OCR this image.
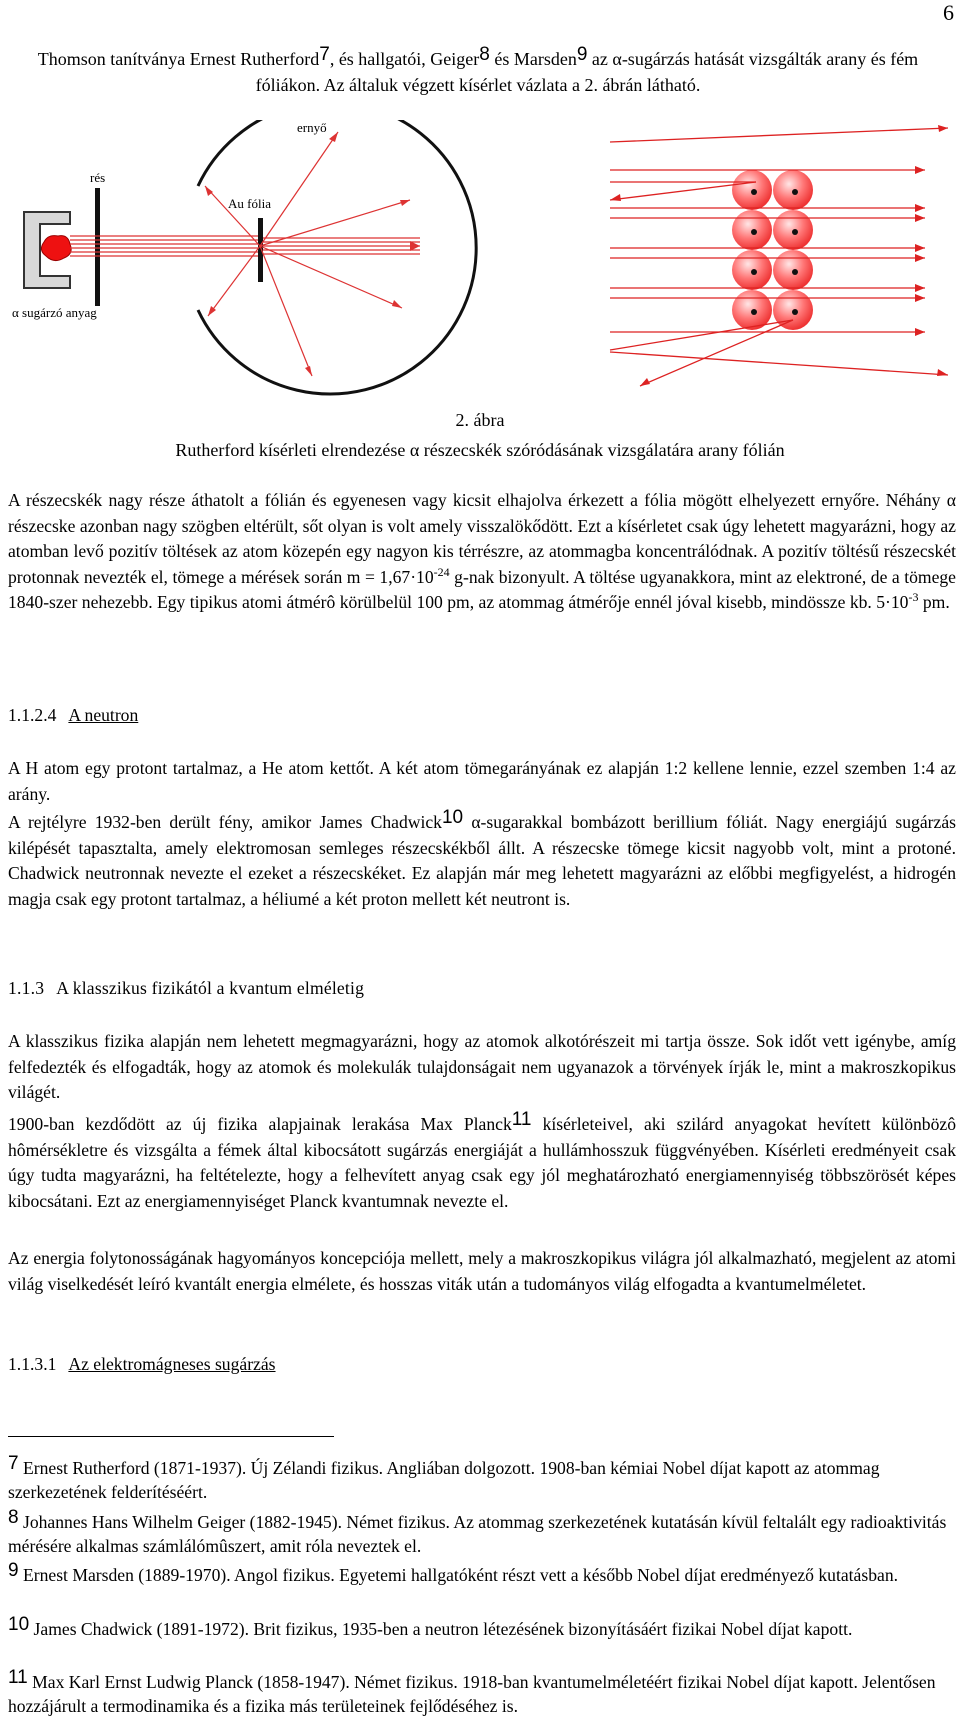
6

Thomson tanítványa Ernest Rutherford$^7$, és hallgatói, Geiger$^8$ és Marsden$^9$ az α-sugárzás hatását vizsgálták arany és fém fóliákon. Az általuk végzett kísérlet vázlata a 2. ábrán látható.

ernyő
rés
Au fólia
α sugárzó anyag
2. ábra
Rutherford kísérleti elrendezése α részecskék szóródásának vizsgálatára arany fólián

A részecskék nagy része áthatolt a fólián és egyenesen vagy kicsit elhajolva érkezett a fólia mögött elhelyezett ernyőre. Néhány α részecske azonban nagy szögben eltérült, sőt olyan is volt amely visszalökődött. Ezt a kísérletet csak úgy lehetett magyarázni, hogy az atomban levő pozitív töltések az atom közepén egy nagyon kis térrészre, az atommagba koncentrálódnak. A pozitív töltésű részecskét protonnak nevezték el, tömege a mérések során $m = 1,67\cdot 10^{-24}$ g-nak bizonyult. A töltése ugyanakkora, mint az elektroné, de a tömege 1840-szer nehezebb. Egy tipikus atomi átmérô körülbelül 100 pm, az atommag átmérője ennél jóval kisebb, mindössze kb. $5\cdot 10^{-3}$ pm.

1.1.2.4 A neutron

A H atom egy protont tartalmaz, a He atom kettőt. A két atom tömegarányának ez alapján 1:2 kellene lennie, ezzel szemben 1:4 az arány.

A rejtélyre 1932-ben derült fény, amikor James Chadwick$^{10}$ α-sugarakkal bombázott berillium fóliát. Nagy energiájú sugárzás kilépését tapasztalta, amely elektromosan semleges részecskékből állt. A részecske tömege kicsit nagyobb volt, mint a protoné. Chadwick neutronnak nevezte el ezeket a részecskéket. Ez alapján már meg lehetett magyarázni az előbbi megfigyelést, a hidrogén magja csak egy protont tartalmaz, a héliumé a két proton mellett két neutront is.

1.1.3 A klasszikus fizikától a kvantum elméletig

A klasszikus fizika alapján nem lehetett megmagyarázni, hogy az atomok alkotórészeit mi tartja össze. Sok időt vett igénybe, amíg felfedezték és elfogadták, hogy az atomok és molekulák tulajdonságait nem ugyanazok a törvények írják le, mint a makroszkopikus világét.

1900-ban kezdődött az új fizika alapjainak lerakása Max Planck$^{11}$ kísérleteivel, aki szilárd anyagokat hevített különbözô hômérsékletre és vizsgálta a fémek által kibocsátott sugárzás energiáját a hullámhosszuk függvényében. Kísérleti eredményeit csak úgy tudta magyarázni, ha feltételezte, hogy a felhevített anyag csak egy jól meghatározható energiamennyiség többszörösét képes kibocsátani. Ezt az energiamennyiséget Planck kvantumnak nevezte el.

Az energia folytonosságának hagyományos koncepciója mellett, mely a makroszkopikus világra jól alkalmazható, megjelent az atomi világ viselkedését leíró kvantált energia elmélete, és hosszas viták után a tudományos világ elfogadta a kvantumelméletet.

1.1.3.1 Az elektromágneses sugárzás

$^7$ Ernest Rutherford (1871-1937). Új Zélandi fizikus. Angliában dolgozott. 1908-ban kémiai Nobel díjat kapott az atommag szerkezetének felderítéséért.

$^8$ Johannes Hans Wilhelm Geiger (1882-1945). Német fizikus. Az atommag szerkezetének kutatásán kívül feltalált egy radioaktivitás mérésére alkalmas számlálómûszert, amit róla neveztek el.

$^9$ Ernest Marsden (1889-1970). Angol fizikus. Egyetemi hallgatóként részt vett a később Nobel díjat eredményező kutatásban.

$^{10}$ James Chadwick (1891-1972). Brit fizikus, 1935-ben a neutron létezésének bizonyításáért fizikai Nobel díjat kapott.

$^{11}$ Max Karl Ernst Ludwig Planck (1858-1947). Német fizikus. 1918-ban kvantumelméletéért fizikai Nobel díjat kapott. Jelentősen hozzájárult a termodinamika és a fizika más területeinek fejlődéséhez is.
